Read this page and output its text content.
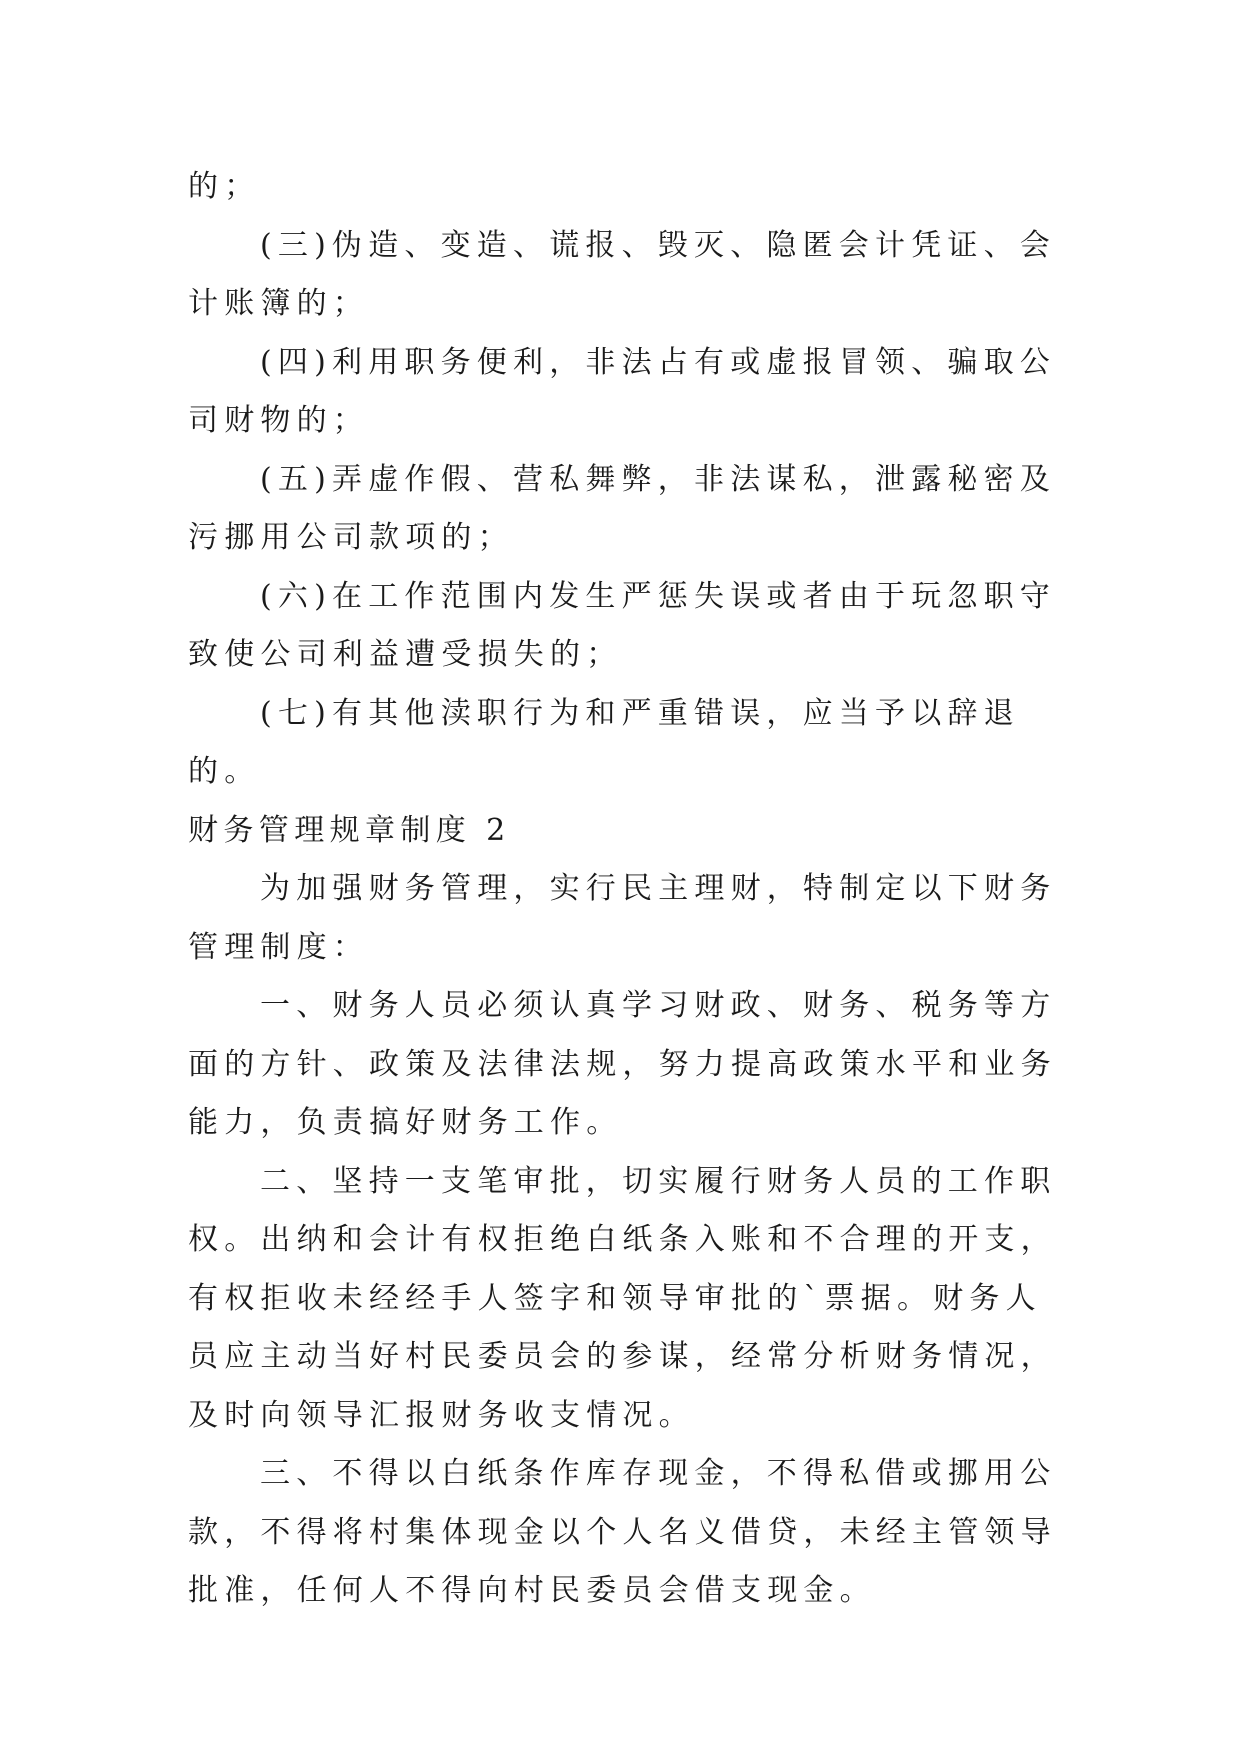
的；

(三)伪造、变造、谎报、毁灭、隐匿会计凭证、会计账簿的；

(四)利用职务便利，非法占有或虚报冒领、骗取公司财物的；

(五)弄虚作假、营私舞弊，非法谋私，泄露秘密及污挪用公司款项的；

(六)在工作范围内发生严惩失误或者由于玩忽职守致使公司利益遭受损失的；

(七)有其他渎职行为和严重错误，应当予以辞退的。

财务管理规章制度 2

为加强财务管理，实行民主理财，特制定以下财务管理制度：

一、财务人员必须认真学习财政、财务、税务等方面的方针、政策及法律法规，努力提高政策水平和业务能力，负责搞好财务工作。

二、坚持一支笔审批，切实履行财务人员的工作职权。出纳和会计有权拒绝白纸条入账和不合理的开支，有权拒收未经经手人签字和领导审批的`票据。财务人员应主动当好村民委员会的参谋，经常分析财务情况，及时向领导汇报财务收支情况。

三、不得以白纸条作库存现金，不得私借或挪用公款，不得将村集体现金以个人名义借贷，未经主管领导批准，任何人不得向村民委员会借支现金。
